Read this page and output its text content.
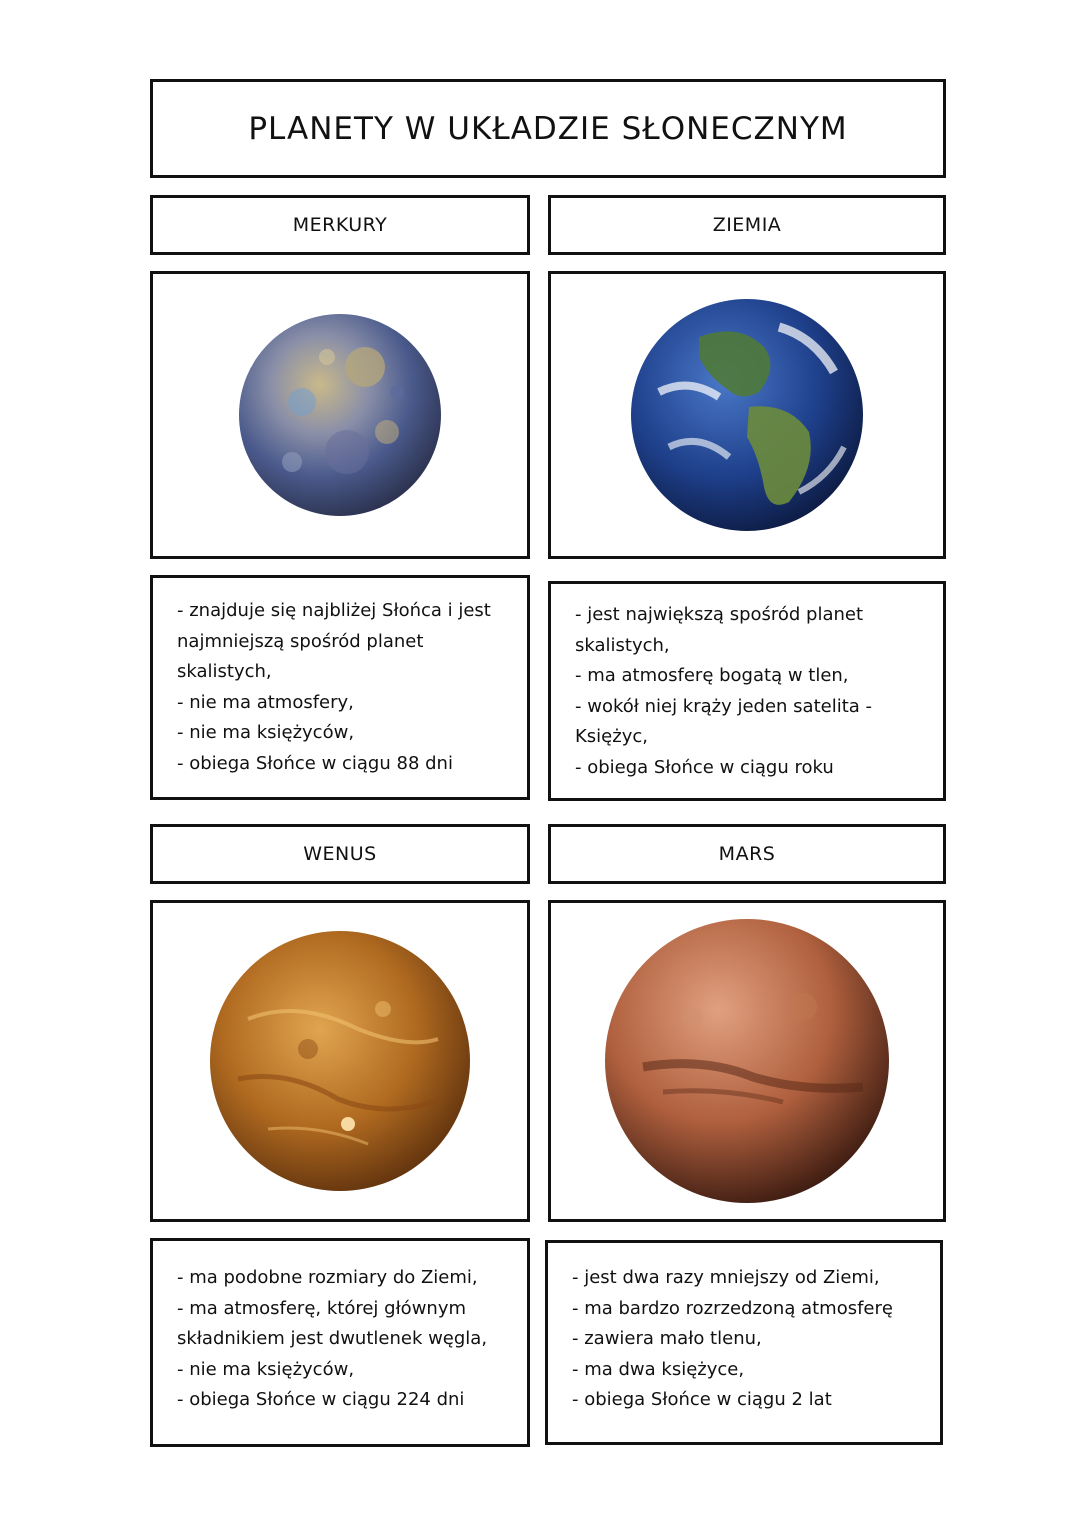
PLANETY W UKŁADZIE SŁONECZNYM
MERKURY
- znajduje się najbliżej Słońca i jest
najmniejszą spośród planet
skalistych,
- nie ma atmosfery,
- nie ma księżyców,
- obiega Słońce w ciągu 88 dni
ZIEMIA
- jest największą spośród planet
skalistych,
- ma atmosferę bogatą w tlen,
- wokół niej krąży jeden satelita -
Księżyc,
- obiega Słońce w ciągu roku
WENUS
- ma podobne rozmiary do Ziemi,
- ma atmosferę, której głównym
składnikiem jest dwutlenek węgla,
- nie ma księżyców,
- obiega Słońce w ciągu 224 dni
MARS
- jest dwa razy mniejszy od Ziemi,
- ma bardzo rozrzedzoną atmosferę
- zawiera mało tlenu,
- ma dwa księżyce,
- obiega Słońce w ciągu 2 lat
